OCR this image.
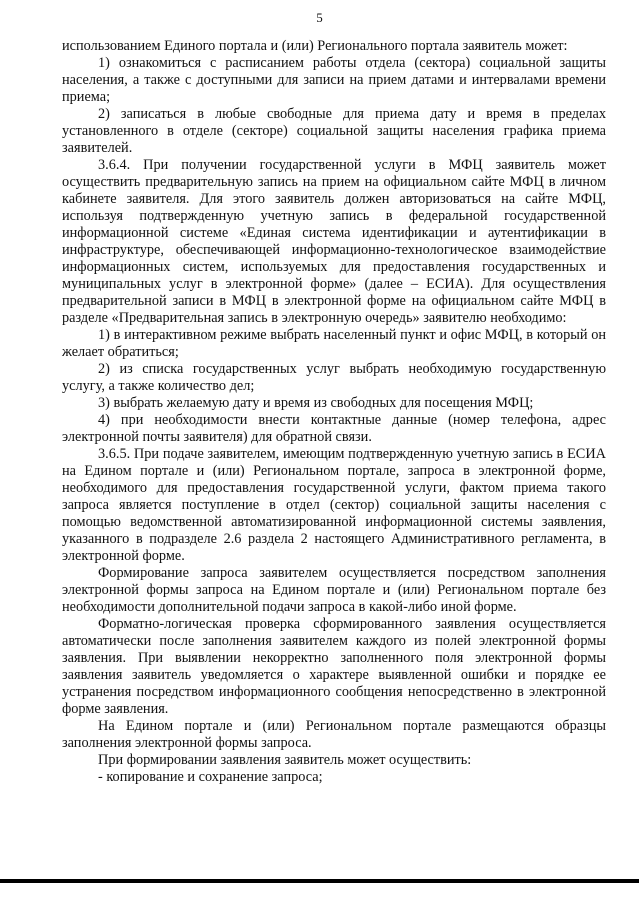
5

использованием Единого портала и (или) Регионального портала заявитель может:

1) ознакомиться с расписанием работы отдела (сектора) социальной защиты населения, а также с доступными для записи на прием датами и интервалами времени приема;

2) записаться в любые свободные для приема дату и время в пределах установленного в отделе (секторе) социальной защиты населения графика приема заявителей.

3.6.4. При получении государственной услуги в МФЦ заявитель может осуществить предварительную запись на прием на официальном сайте МФЦ в личном кабинете заявителя. Для этого заявитель должен авторизоваться на сайте МФЦ, используя подтвержденную учетную запись в федеральной государственной информационной системе «Единая система идентификации и аутентификации в инфраструктуре, обеспечивающей информационно-технологическое взаимодействие информационных систем, используемых для предоставления государственных и муниципальных услуг в электронной форме» (далее – ЕСИА). Для осуществления предварительной записи в МФЦ в электронной форме на официальном сайте МФЦ в разделе «Предварительная запись в электронную очередь» заявителю необходимо:

1) в интерактивном режиме выбрать населенный пункт и офис МФЦ, в который он желает обратиться;

2) из списка государственных услуг выбрать необходимую государственную услугу, а также количество дел;

3) выбрать желаемую дату и время из свободных для посещения МФЦ;

4) при необходимости внести контактные данные (номер телефона, адрес электронной почты заявителя) для обратной связи.

3.6.5. При подаче заявителем, имеющим подтвержденную учетную запись в ЕСИА на Едином портале и (или) Региональном портале, запроса в электронной форме, необходимого для предоставления государственной услуги, фактом приема такого запроса является поступление в отдел (сектор) социальной защиты населения с помощью ведомственной автоматизированной информационной системы заявления, указанного в подразделе 2.6 раздела 2 настоящего Административного регламента, в электронной форме.

Формирование запроса заявителем осуществляется посредством заполнения электронной формы запроса на Едином портале и (или) Региональном портале без необходимости дополнительной подачи запроса в какой-либо иной форме.

Форматно-логическая проверка сформированного заявления осуществляется автоматически после заполнения заявителем каждого из полей электронной формы заявления. При выявлении некорректно заполненного поля электронной формы заявления заявитель уведомляется о характере выявленной ошибки и порядке ее устранения посредством информационного сообщения непосредственно в электронной форме заявления.

На Едином портале и (или) Региональном портале размещаются образцы заполнения электронной формы запроса.

При формировании заявления заявитель может осуществить:

- копирование и сохранение запроса;
